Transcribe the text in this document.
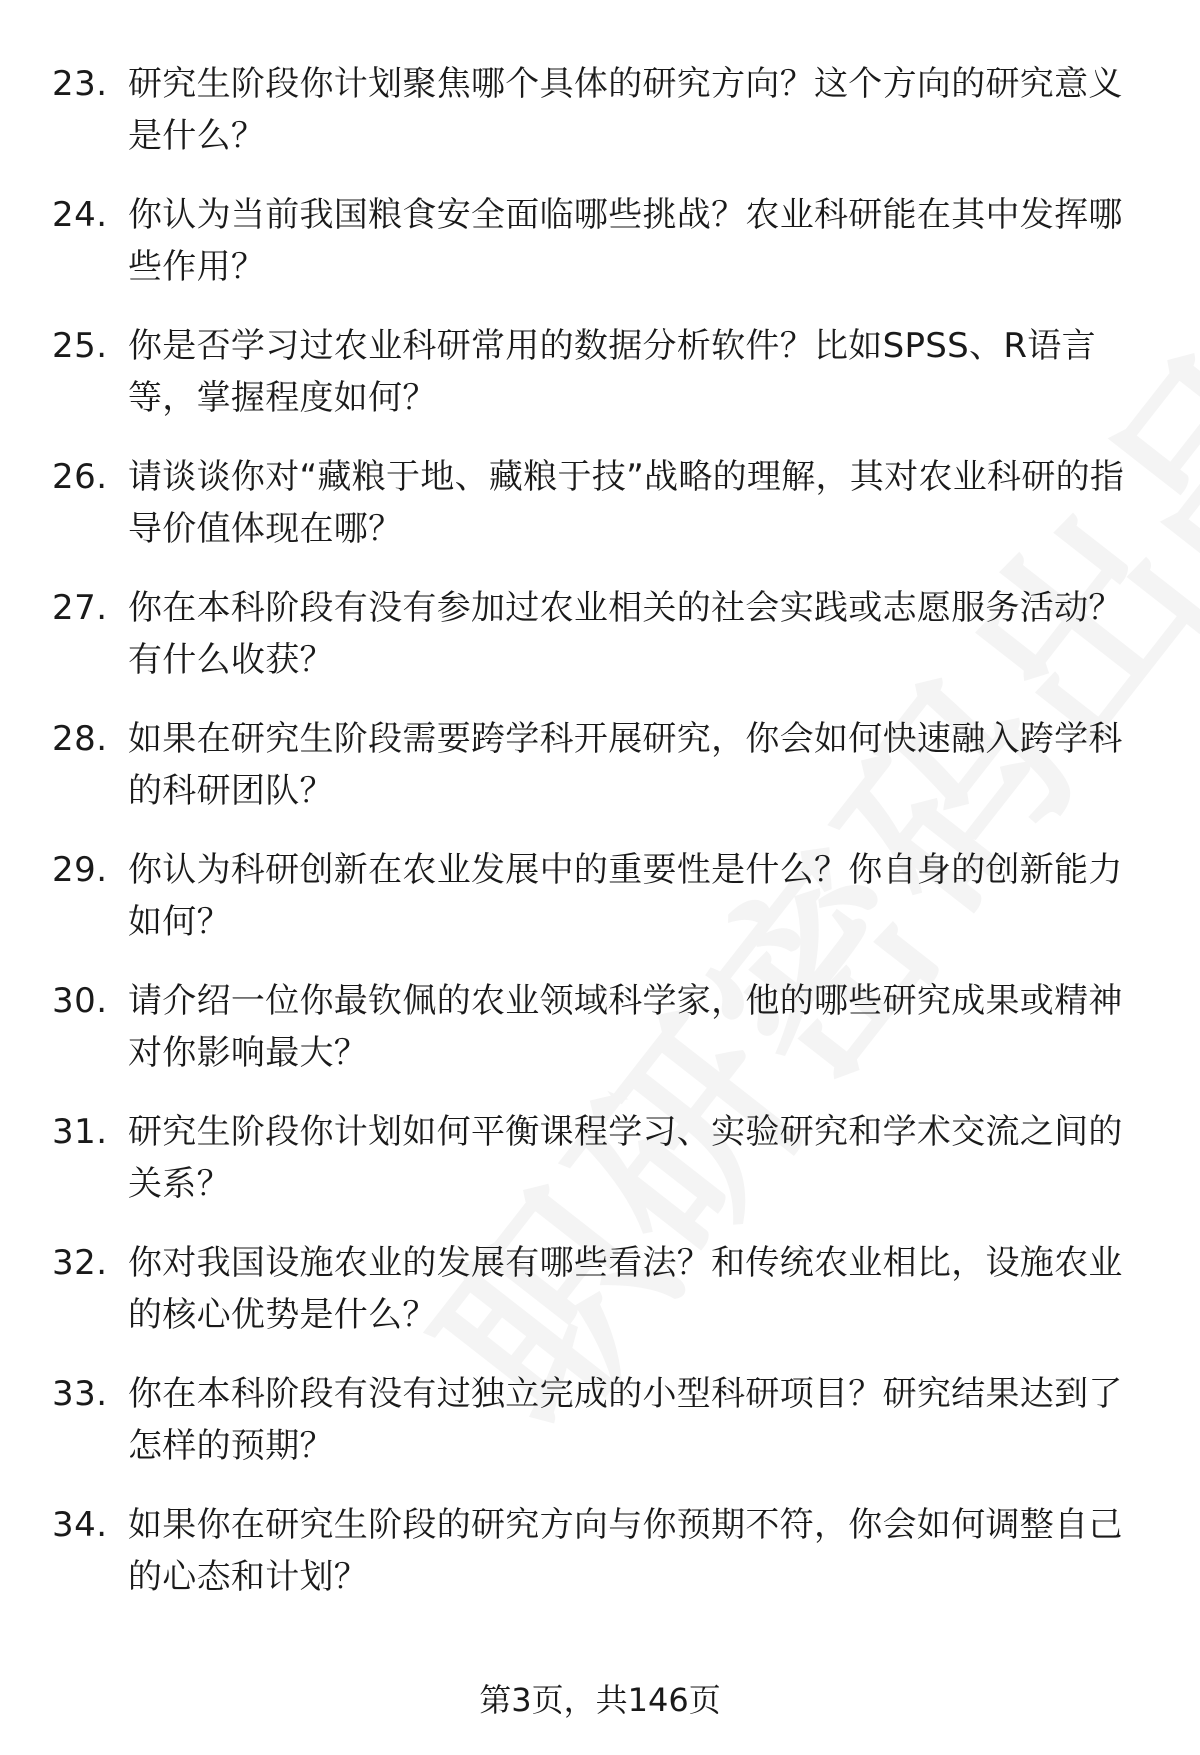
23. 研究生阶段你计划聚焦哪个具体的研究方向？这个方向的研究意义是什么？
24. 你认为当前我国粮食安全面临哪些挑战？农业科研能在其中发挥哪些作用？
25. 你是否学习过农业科研常用的数据分析软件？比如SPSS、R语言等，掌握程度如何？
26. 请谈谈你对“藏粮于地、藏粮于技”战略的理解，其对农业科研的指导价值体现在哪？
27. 你在本科阶段有没有参加过农业相关的社会实践或志愿服务活动？有什么收获？
28. 如果在研究生阶段需要跨学科开展研究，你会如何快速融入跨学科的科研团队？
29. 你认为科研创新在农业发展中的重要性是什么？你自身的创新能力如何？
30. 请介绍一位你最钦佩的农业领域科学家，他的哪些研究成果或精神对你影响最大？
31. 研究生阶段你计划如何平衡课程学习、实验研究和学术交流之间的关系？
32. 你对我国设施农业的发展有哪些看法？和传统农业相比，设施农业的核心优势是什么？
33. 你在本科阶段有没有过独立完成的小型科研项目？研究结果达到了怎样的预期？
34. 如果你在研究生阶段的研究方向与你预期不符，你会如何调整自己的心态和计划？
第3页，共146页
